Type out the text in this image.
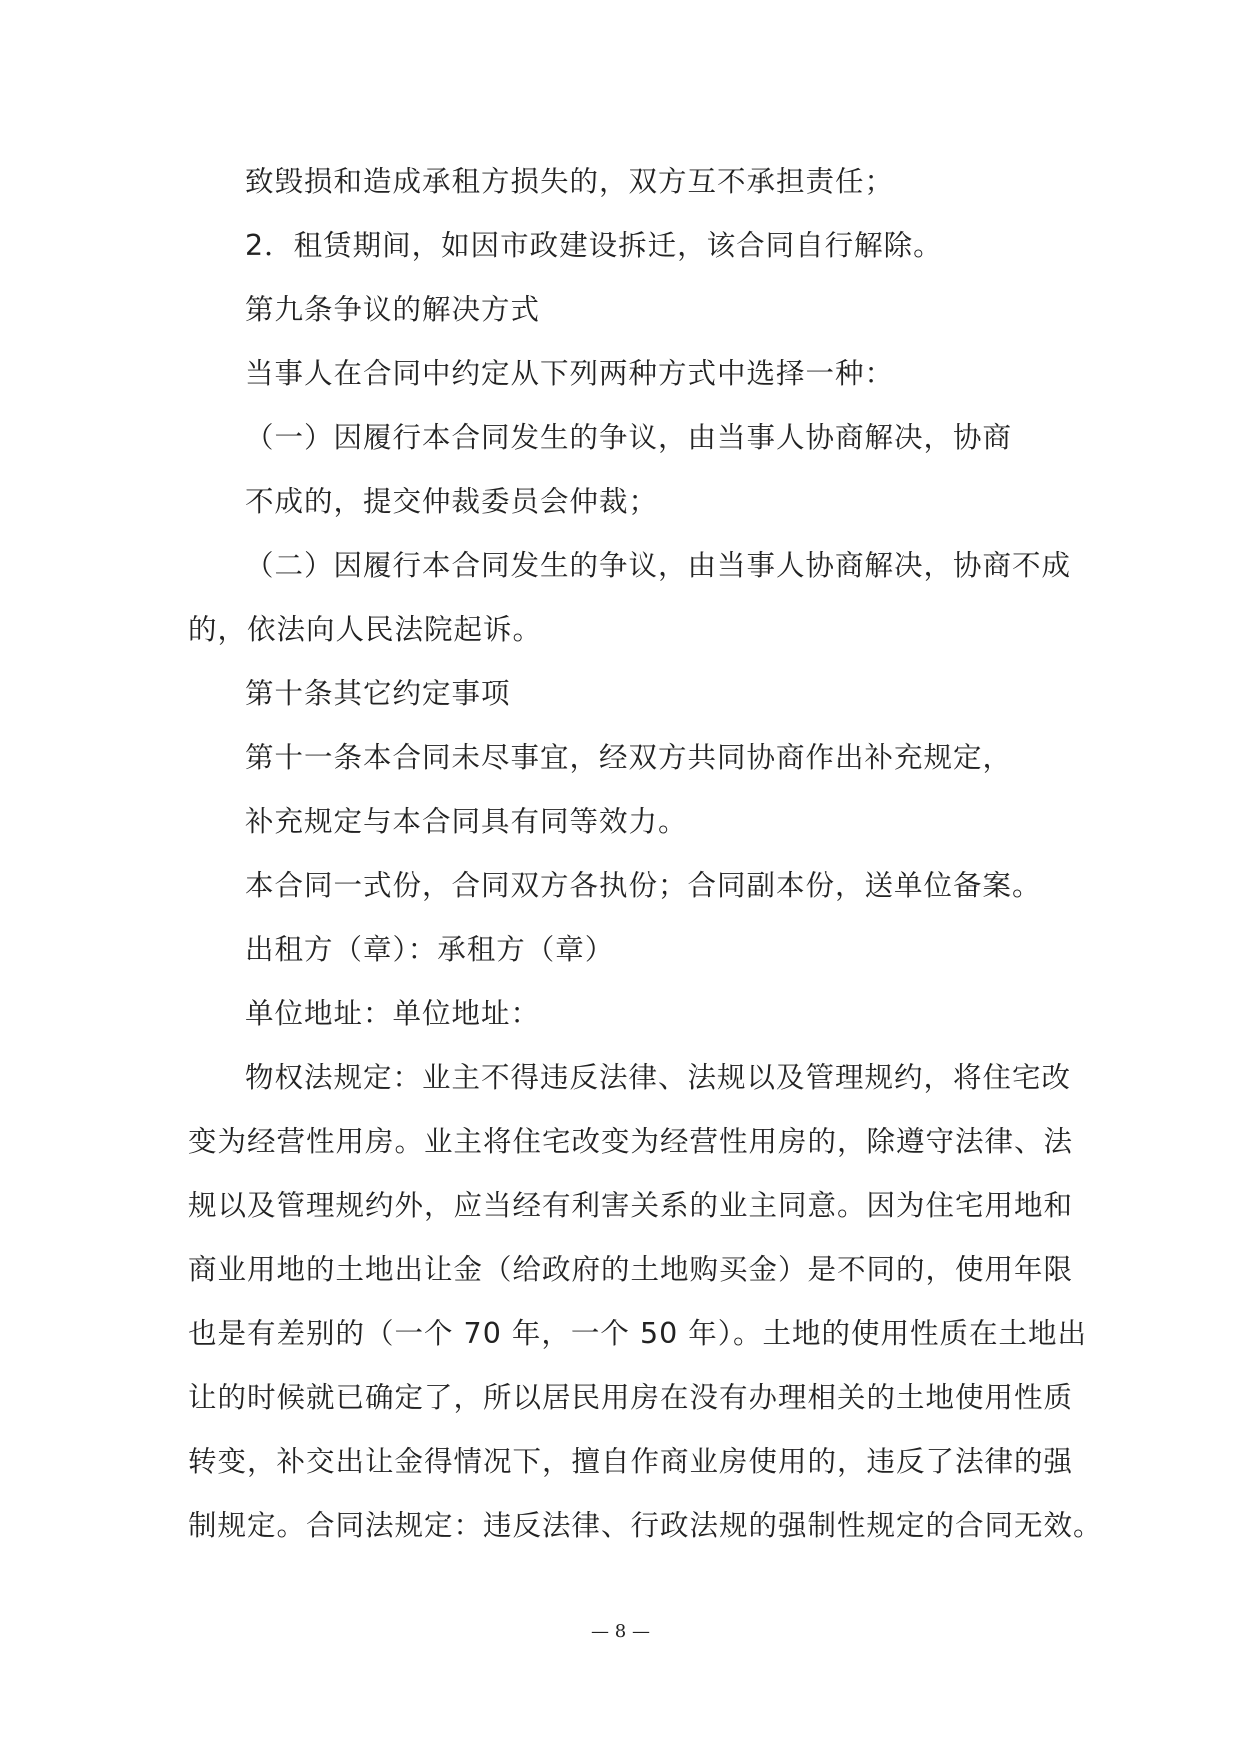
致毁损和造成承租方损失的，双方互不承担责任；
2．租赁期间，如因市政建设拆迁，该合同自行解除。
第九条争议的解决方式
当事人在合同中约定从下列两种方式中选择一种：
（一）因履行本合同发生的争议，由当事人协商解决，协商
不成的，提交仲裁委员会仲裁；
（二）因履行本合同发生的争议，由当事人协商解决，协商不成
的，依法向人民法院起诉。
第十条其它约定事项
第十一条本合同未尽事宜，经双方共同协商作出补充规定，
补充规定与本合同具有同等效力。
本合同一式份，合同双方各执份；合同副本份，送单位备案。
出租方（章）：承租方（章）
单位地址：单位地址：
物权法规定：业主不得违反法律、法规以及管理规约，将住宅改
变为经营性用房。业主将住宅改变为经营性用房的，除遵守法律、法
规以及管理规约外，应当经有利害关系的业主同意。因为住宅用地和
商业用地的土地出让金（给政府的土地购买金）是不同的，使用年限
也是有差别的（一个 70 年，一个 50 年）。土地的使用性质在土地出
让的时候就已确定了，所以居民用房在没有办理相关的土地使用性质
转变，补交出让金得情况下，擅自作商业房使用的，违反了法律的强
制规定。合同法规定：违反法律、行政法规的强制性规定的合同无效。
— 8 —
